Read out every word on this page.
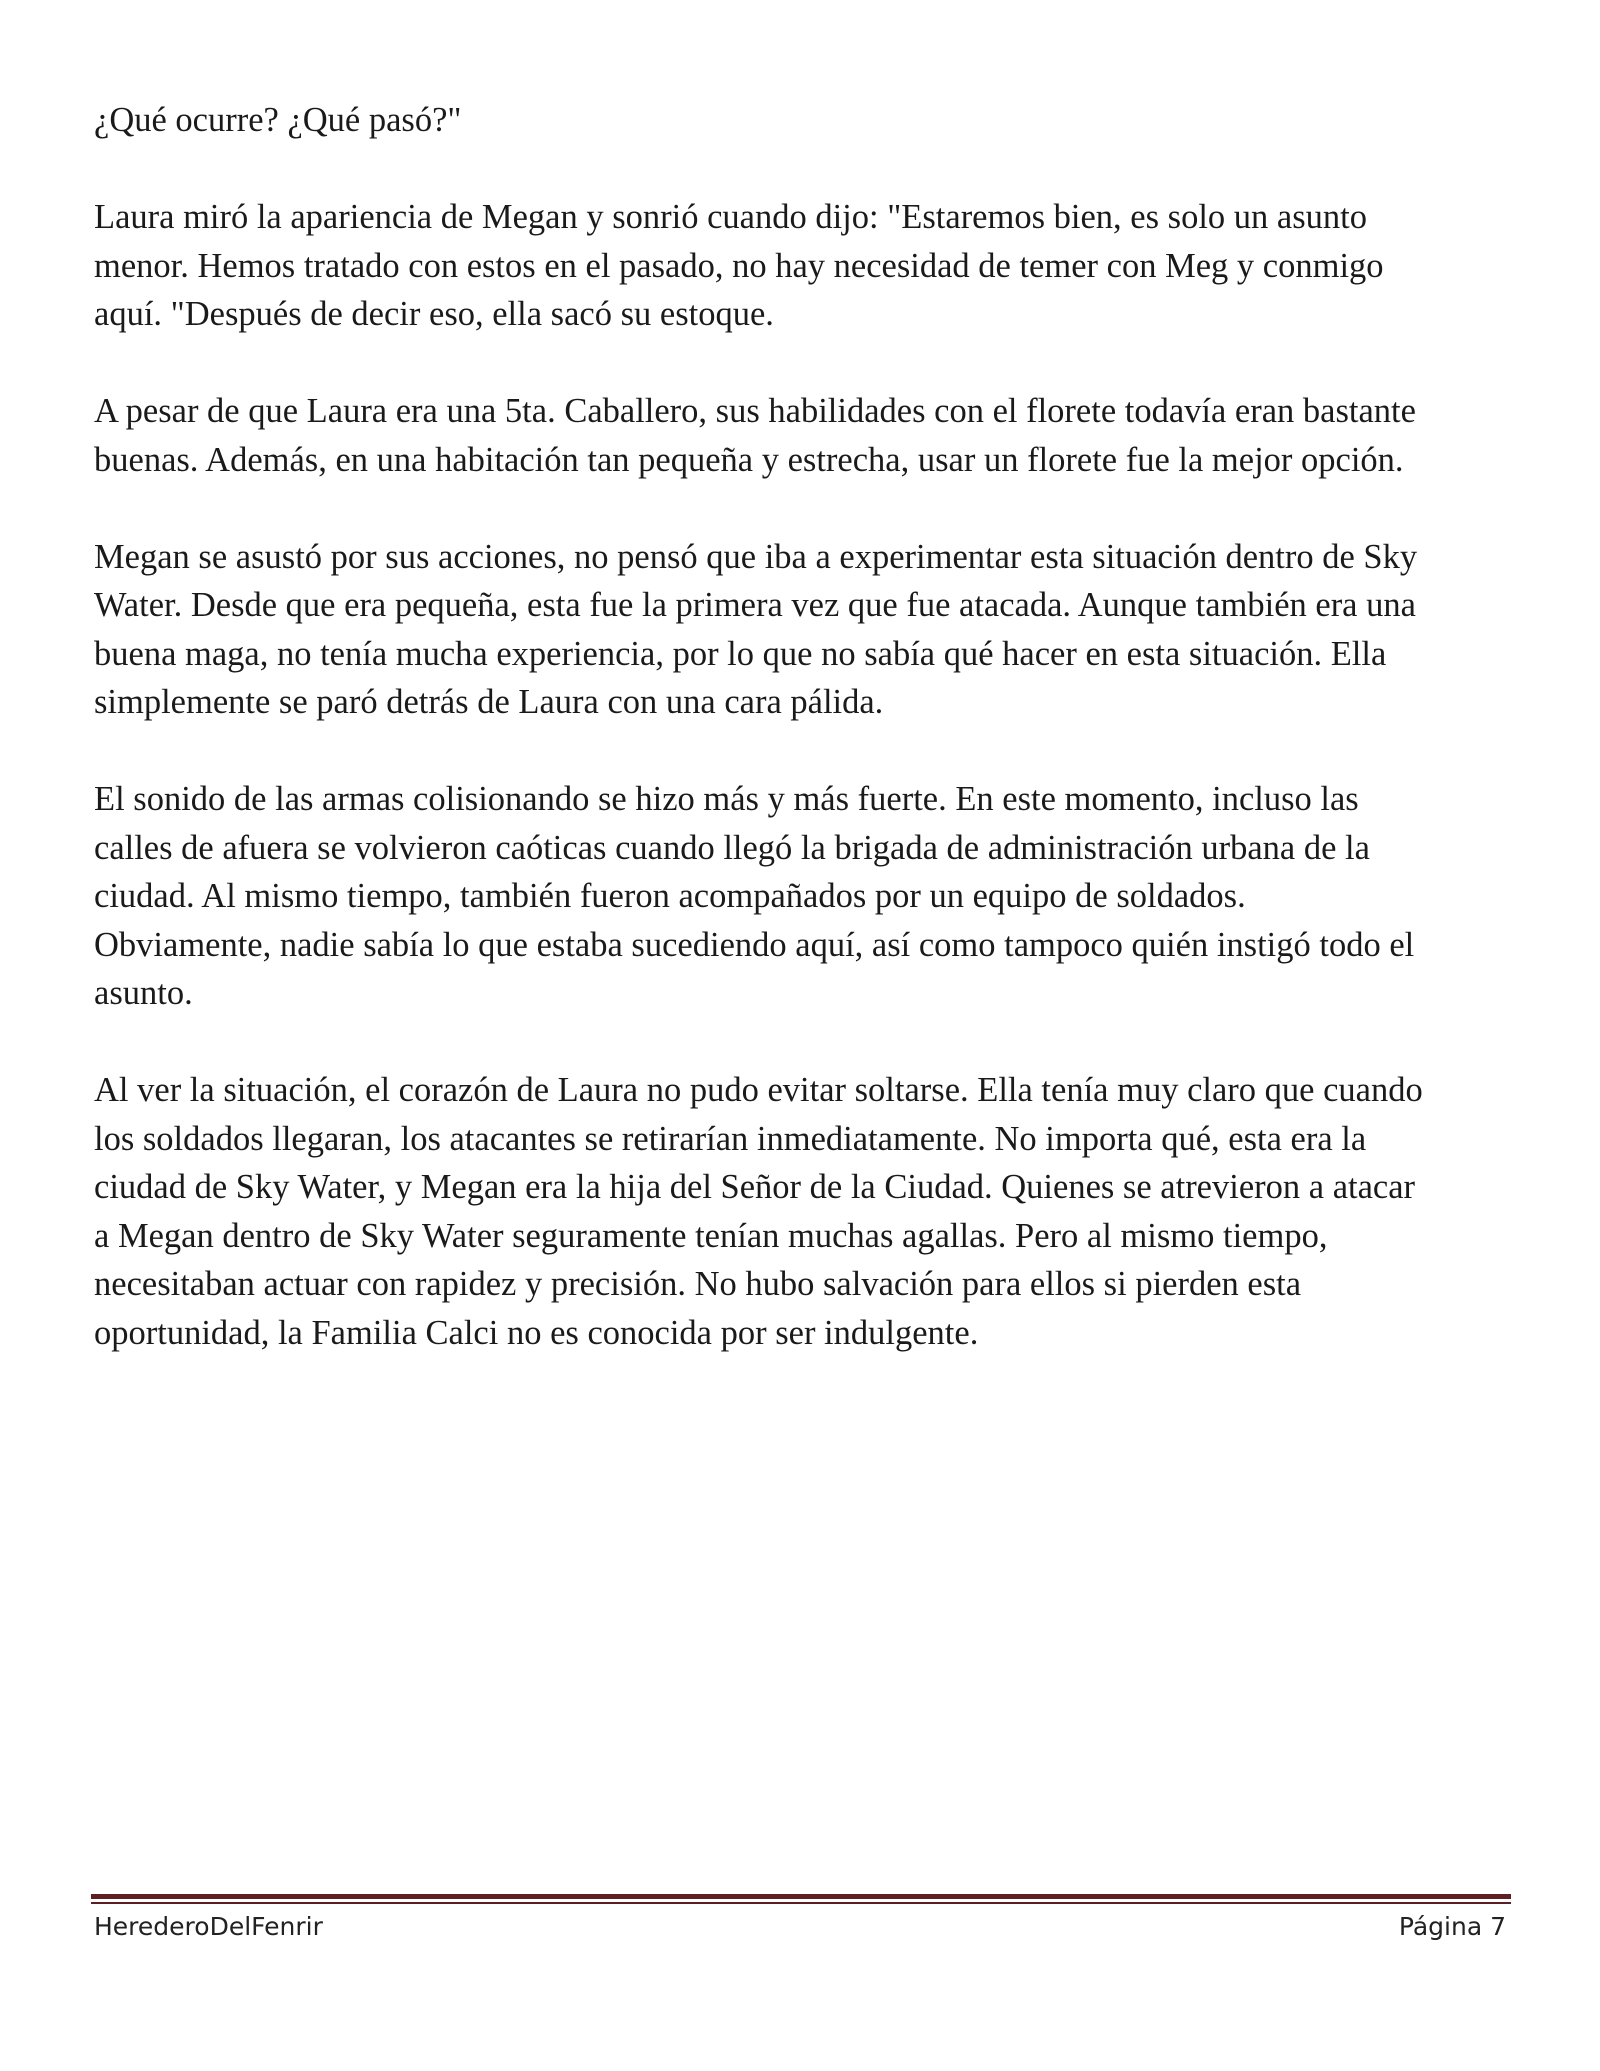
¿Qué ocurre? ¿Qué pasó?"

Laura miró la apariencia de Megan y sonrió cuando dijo: "Estaremos bien, es solo un asunto
menor. Hemos tratado con estos en el pasado, no hay necesidad de temer con Meg y conmigo
aquí. "Después de decir eso, ella sacó su estoque.

A pesar de que Laura era una 5ta. Caballero, sus habilidades con el florete todavía eran bastante
buenas. Además, en una habitación tan pequeña y estrecha, usar un florete fue la mejor opción.

Megan se asustó por sus acciones, no pensó que iba a experimentar esta situación dentro de Sky
Water. Desde que era pequeña, esta fue la primera vez que fue atacada. Aunque también era una
buena maga, no tenía mucha experiencia, por lo que no sabía qué hacer en esta situación. Ella
simplemente se paró detrás de Laura con una cara pálida.

El sonido de las armas colisionando se hizo más y más fuerte. En este momento, incluso las
calles de afuera se volvieron caóticas cuando llegó la brigada de administración urbana de la
ciudad. Al mismo tiempo, también fueron acompañados por un equipo de soldados.
Obviamente, nadie sabía lo que estaba sucediendo aquí, así como tampoco quién instigó todo el
asunto.

Al ver la situación, el corazón de Laura no pudo evitar soltarse. Ella tenía muy claro que cuando
los soldados llegaran, los atacantes se retirarían inmediatamente. No importa qué, esta era la
ciudad de Sky Water, y Megan era la hija del Señor de la Ciudad. Quienes se atrevieron a atacar
a Megan dentro de Sky Water seguramente tenían muchas agallas. Pero al mismo tiempo,
necesitaban actuar con rapidez y precisión. No hubo salvación para ellos si pierden esta
oportunidad, la Familia Calci no es conocida por ser indulgente.

HerederoDelFenrir	Página 7
